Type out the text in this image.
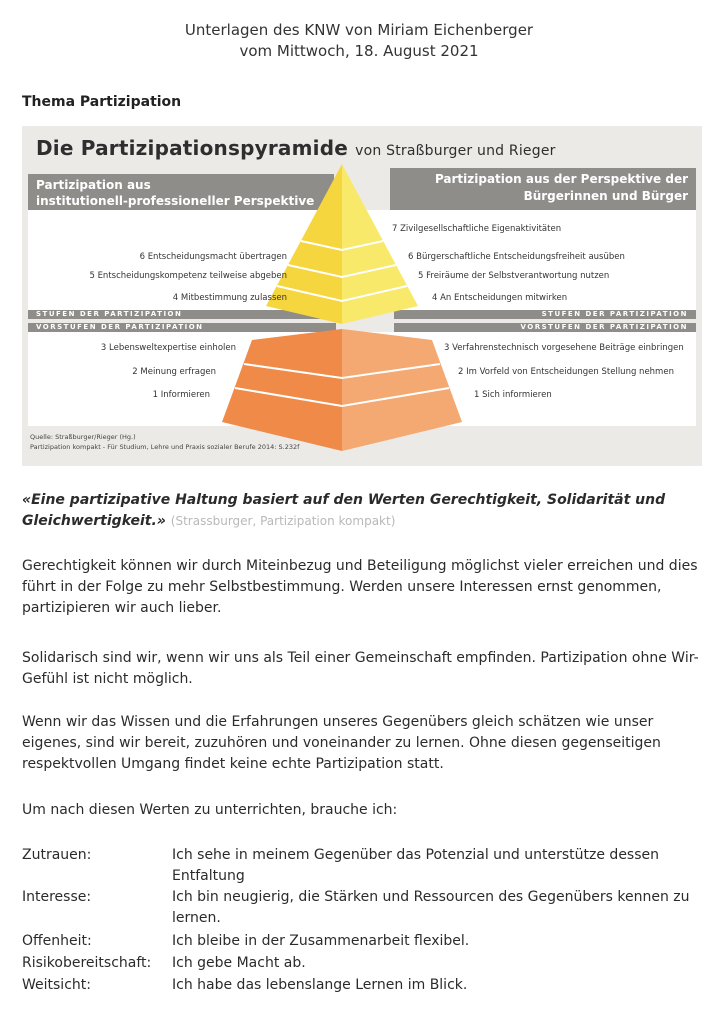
Unterlagen des KNW von Miriam Eichenberger
vom Mittwoch, 18. August 2021
Thema Partizipation
Die Partizipationspyramide von Straßburger und Rieger
Partizipation aus
institutionell-professioneller Perspektive
Partizipation aus der Perspektive der
Bürgerinnen und Bürger
STUFEN DER PARTIZIPATION	STUFEN DER PARTIZIPATION
VORSTUFEN DER PARTIZIPATION	VORSTUFEN DER PARTIZIPATION
6 Entscheidungsmacht übertragen
5 Entscheidungskompetenz teilweise abgeben
4 Mitbestimmung zulassen
3 Lebensweltexpertise einholen
2 Meinung erfragen
1 Informieren
7 Zivilgesellschaftliche Eigenaktivitäten
6 Bürgerschaftliche Entscheidungsfreiheit ausüben
5 Freiräume der Selbstverantwortung nutzen
4 An Entscheidungen mitwirken
3 Verfahrenstechnisch vorgesehene Beiträge einbringen
2 Im Vorfeld von Entscheidungen Stellung nehmen
1 Sich informieren
Quelle: Straßburger/Rieger (Hg.)
Partizipation kompakt - Für Studium, Lehre und Praxis sozialer Berufe 2014: S.232f
«Eine partizipative Haltung basiert auf den Werten Gerechtigkeit, Solidarität und Gleichwertigkeit.» (Strassburger, Partizipation kompakt)
Gerechtigkeit können wir durch Miteinbezug und Beteiligung möglichst vieler erreichen und dies führt in der Folge zu mehr Selbstbestimmung. Werden unsere Interessen ernst genommen, partizipieren wir auch lieber.
Solidarisch sind wir, wenn wir uns als Teil einer Gemeinschaft empfinden. Partizipation ohne Wir-Gefühl ist nicht möglich.
Wenn wir das Wissen und die Erfahrungen unseres Gegenübers gleich schätzen wie unser eigenes, sind wir bereit, zuzuhören und voneinander zu lernen. Ohne diesen gegenseitigen respektvollen Umgang findet keine echte Partizipation statt.
Um nach diesen Werten zu unterrichten, brauche ich:
Zutrauen:	Ich sehe in meinem Gegenüber das Potenzial und unterstütze dessen Entfaltung
Interesse:	Ich bin neugierig, die Stärken und Ressourcen des Gegenübers kennen zu lernen.
Offenheit:	Ich bleibe in der Zusammenarbeit flexibel.
Risikobereitschaft: Ich gebe Macht ab.
Weitsicht:	Ich habe das lebenslange Lernen im Blick.
